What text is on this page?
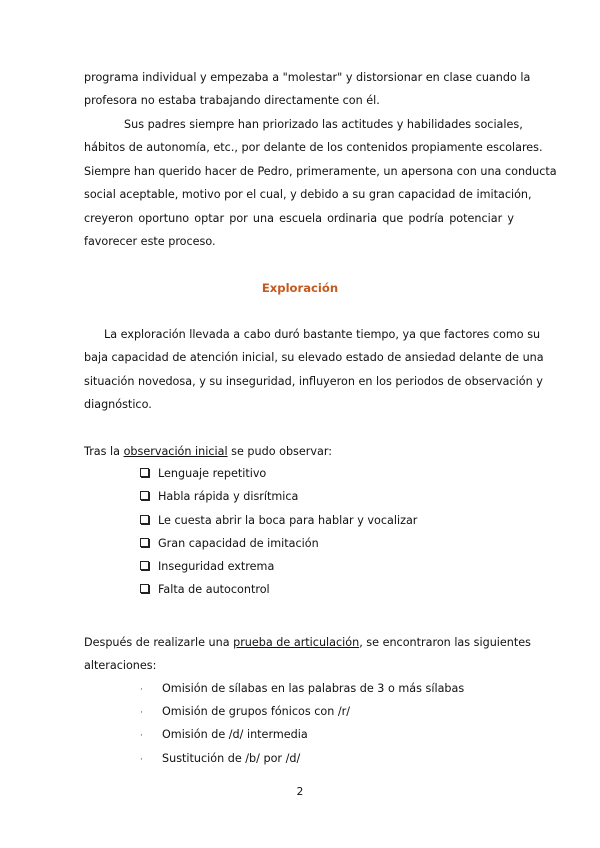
programa individual y empezaba a "molestar" y distorsionar en clase cuando la
profesora no estaba trabajando directamente con él.
Sus padres siempre han priorizado las actitudes y habilidades sociales,
hábitos de autonomía, etc., por delante de los contenidos propiamente escolares.
Siempre han querido hacer de Pedro, primeramente, un apersona con una conducta
social aceptable, motivo por el cual, y debido a su gran capacidad de imitación,
creyeron oportuno optar por una escuela ordinaria que podría potenciar y
favorecer este proceso.
Exploración
La exploración llevada a cabo duró bastante tiempo, ya que factores como su
baja capacidad de atención inicial, su elevado estado de ansiedad delante de una
situación novedosa, y su inseguridad, influyeron en los periodos de observación y
diagnóstico.
Tras la observación inicial se pudo observar:
Lenguaje repetitivo
Habla rápida y disrítmica
Le cuesta abrir la boca para hablar y vocalizar
Gran capacidad de imitación
Inseguridad extrema
Falta de autocontrol
Después de realizarle una prueba de articulación, se encontraron las siguientes
alteraciones:
· Omisión de sílabas en las palabras de 3 o más sílabas
· Omisión de grupos fónicos con /r/
· Omisión de /d/ intermedia
· Sustitución de /b/ por /d/
2
